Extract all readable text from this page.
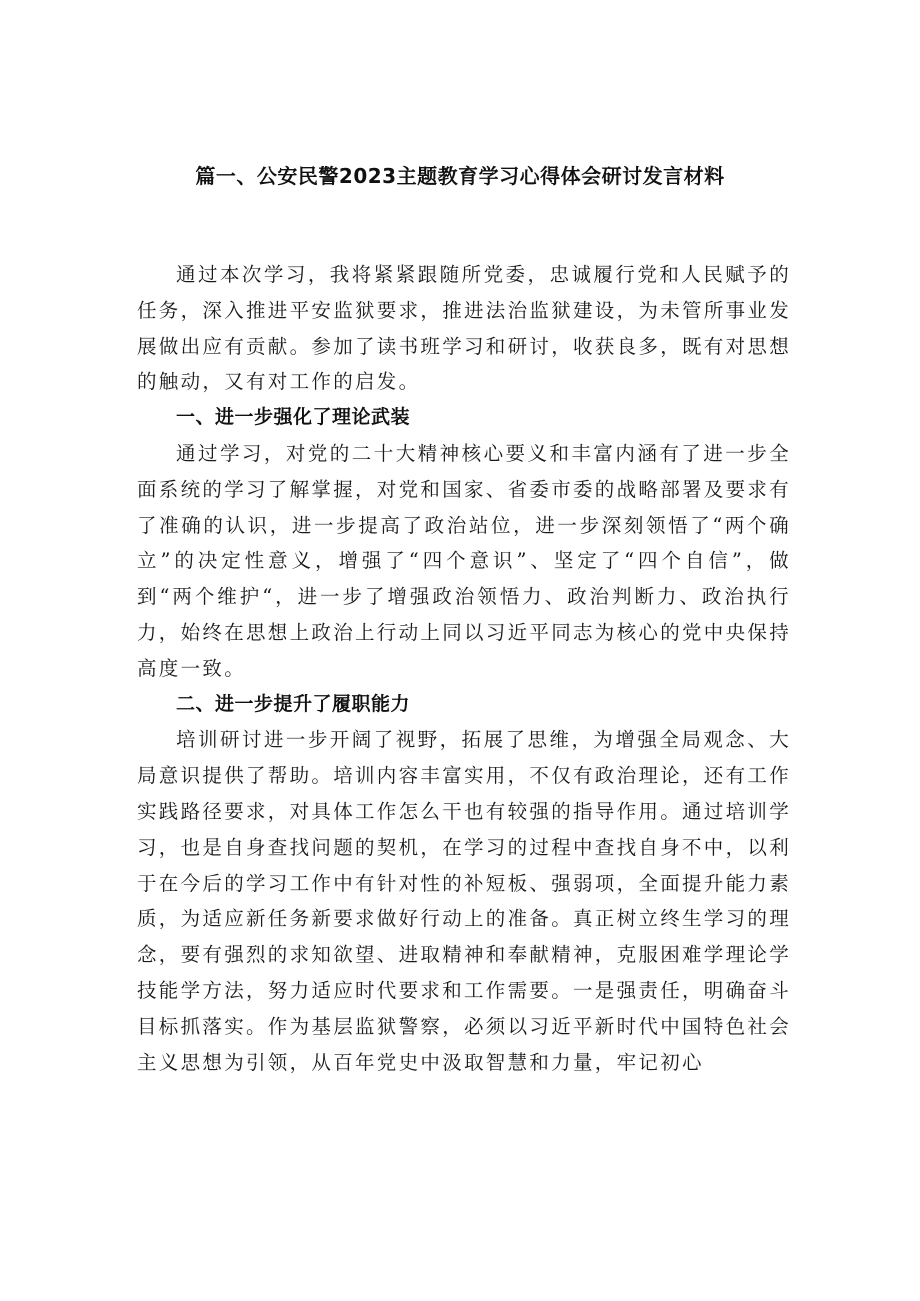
篇一、公安民警2023主题教育学习心得体会研讨发言材料

通过本次学习，我将紧紧跟随所党委，忠诚履行党和人民赋予的任务，深入推进平安监狱要求，推进法治监狱建设，为未管所事业发展做出应有贡献。参加了读书班学习和研讨，收获良多，既有对思想的触动，又有对工作的启发。

一、进一步强化了理论武装

通过学习，对党的二十大精神核心要义和丰富内涵有了进一步全面系统的学习了解掌握，对党和国家、省委市委的战略部署及要求有了准确的认识，进一步提高了政治站位，进一步深刻领悟了“两个确立”的决定性意义，增强了“四个意识”、坚定了“四个自信”，做到“两个维护“，进一步了增强政治领悟力、政治判断力、政治执行力，始终在思想上政治上行动上同以习近平同志为核心的党中央保持高度一致。

二、进一步提升了履职能力

培训研讨进一步开阔了视野，拓展了思维，为增强全局观念、大局意识提供了帮助。培训内容丰富实用，不仅有政治理论，还有工作实践路径要求，对具体工作怎么干也有较强的指导作用。通过培训学习，也是自身查找问题的契机，在学习的过程中查找自身不中，以利于在今后的学习工作中有针对性的补短板、强弱项，全面提升能力素质，为适应新任务新要求做好行动上的准备。真正树立终生学习的理念，要有强烈的求知欲望、进取精神和奉献精神，克服困难学理论学技能学方法，努力适应时代要求和工作需要。一是强责任，明确奋斗目标抓落实。作为基层监狱警察，必须以习近平新时代中国特色社会主义思想为引领，从百年党史中汲取智慧和力量，牢记初心
